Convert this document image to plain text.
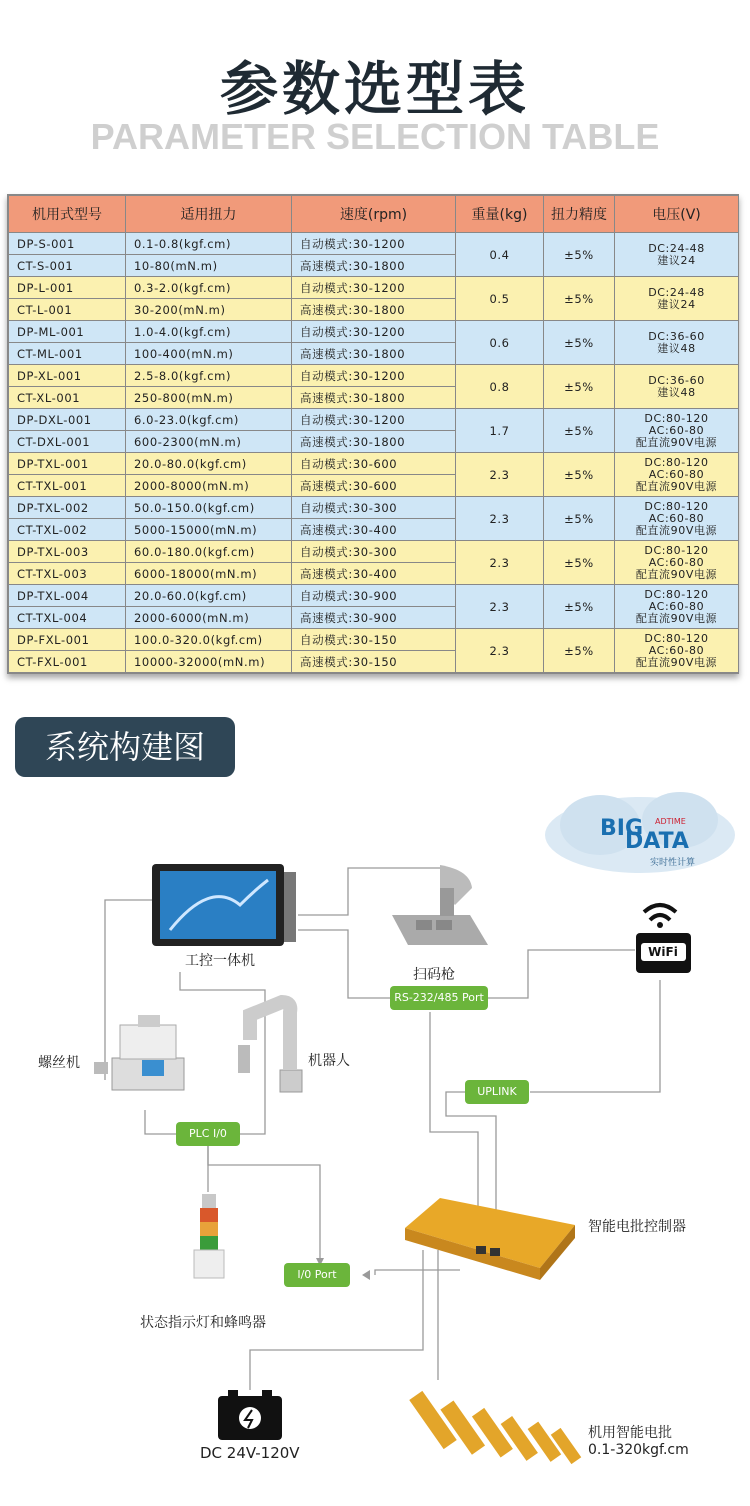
参数选型表
PARAMETER SELECTION TABLE
机用式型号	适用扭力	速度(rpm)	重量(kg)	扭力精度	电压(V)
DP-S-001	0.1-0.8(kgf.cm)	自动模式:30-1200	0.4	±5%	DC:24-48
建议24

CT-S-001	10-80(mN.m)	高速模式:30-1800			
DP-L-001	0.3-2.0(kgf.cm)	自动模式:30-1200	0.5	±5%	DC:24-48
建议24

CT-L-001	30-200(mN.m)	高速模式:30-1800			
DP-ML-001	1.0-4.0(kgf.cm)	自动模式:30-1200	0.6	±5%	DC:36-60
建议48

CT-ML-001	100-400(mN.m)	高速模式:30-1800			
DP-XL-001	2.5-8.0(kgf.cm)	自动模式:30-1200	0.8	±5%	DC:36-60
建议48

CT-XL-001	250-800(mN.m)	高速模式:30-1800			
DP-DXL-001	6.0-23.0(kgf.cm)	自动模式:30-1200	1.7	±5%	DC:80-120
AC:60-80
配直流90V电源

CT-DXL-001	600-2300(mN.m)	高速模式:30-1800			
DP-TXL-001	20.0-80.0(kgf.cm)	自动模式:30-600	2.3	±5%	DC:80-120
AC:60-80
配直流90V电源

CT-TXL-001	2000-8000(mN.m)	高速模式:30-600			
DP-TXL-002	50.0-150.0(kgf.cm)	自动模式:30-300	2.3	±5%	DC:80-120
AC:60-80
配直流90V电源

CT-TXL-002	5000-15000(mN.m)	高速模式:30-400			
DP-TXL-003	60.0-180.0(kgf.cm)	自动模式:30-300	2.3	±5%	DC:80-120
AC:60-80
配直流90V电源

CT-TXL-003	6000-18000(mN.m)	高速模式:30-400			
DP-TXL-004	20.0-60.0(kgf.cm)	自动模式:30-900	2.3	±5%	DC:80-120
AC:60-80
配直流90V电源

CT-TXL-004	2000-6000(mN.m)	高速模式:30-900			
DP-FXL-001	100.0-320.0(kgf.cm)	自动模式:30-150	2.3	±5%	DC:80-120
AC:60-80
配直流90V电源

CT-FXL-001	10000-32000(mN.m)	高速模式:30-150			
系统构建图
BIG
DATA
ADTIME
实时性计算
WiFi
工控一体机
扫码枪
螺丝机	机器人
状态指示灯和蜂鸣器
智能电批控制器
DC 24V-120V
机用智能电批
0.1-320kgf.cm
RS-232/485 Port
UPLINK
PLC I/0
I/0 Port
